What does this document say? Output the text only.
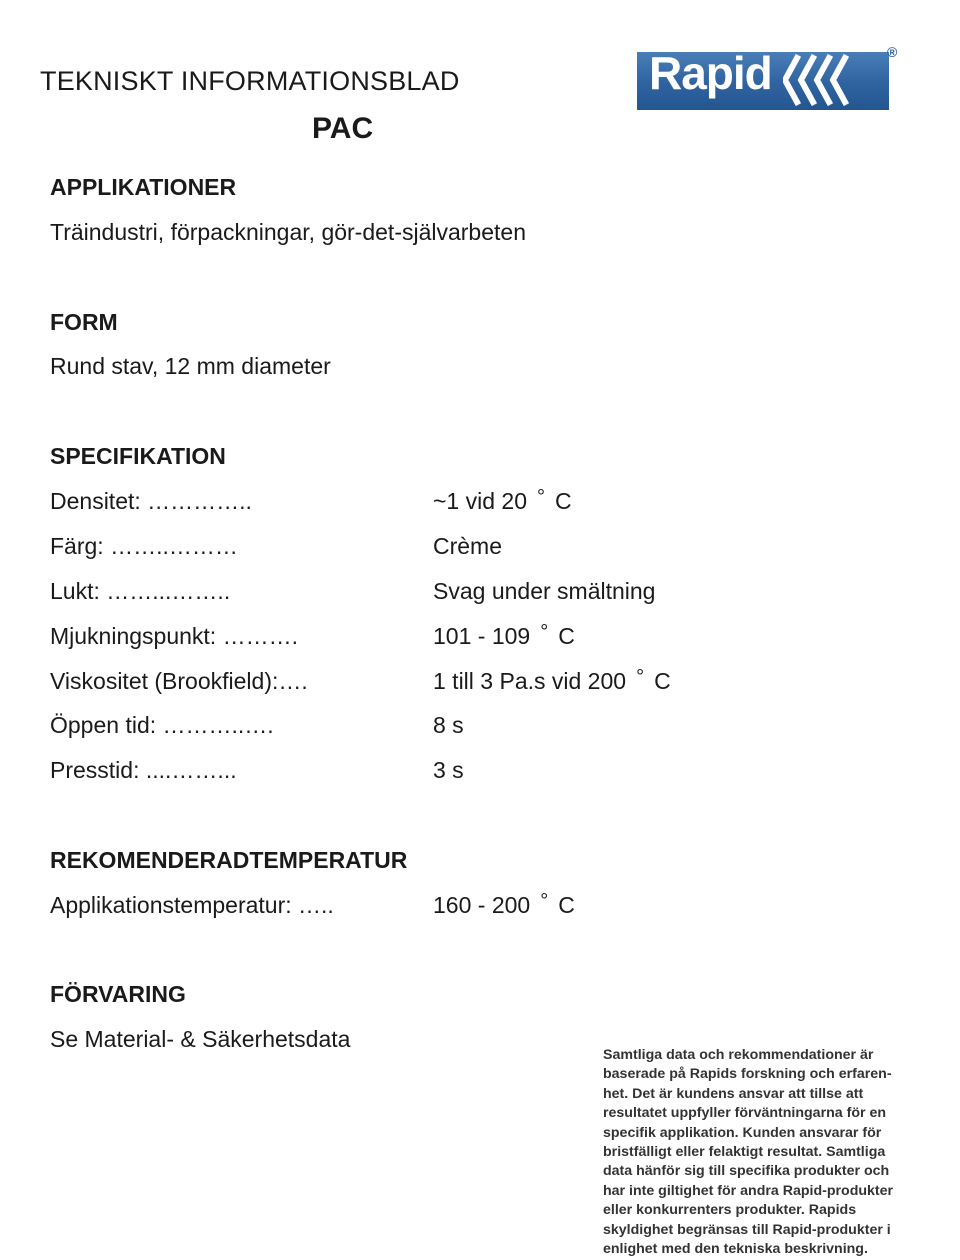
TEKNISKT INFORMATIONSBLAD
PAC
Rapid	®
APPLIKATIONER
Träindustri, förpackningar, gör-det-självarbeten
FORM
Rund stav, 12 mm diameter
SPECIFIKATION
Densitet: …………..	~1 vid 20 ° C
Färg: ……..………	Crème
Lukt: ……...……..	Svag under smältning
Mjukningspunkt: ……….	101 - 109 ° C
Viskositet (Brookfield):….	1 till 3 Pa.s vid 200 ° C
Öppen tid: ………..….	8 s
Presstid: ....……...	3 s
REKOMENDERADTEMPERATUR
Applikationstemperatur: …..	160 - 200 ° C
FÖRVARING
Se Material- & Säkerhetsdata
Samtliga data och rekommendationer är baserade på Rapids forskning och erfaren-het. Det är kundens ansvar att tillse att resultatet uppfyller förväntningarna för en specifik applikation. Kunden ansvarar för bristfälligt eller felaktigt resultat. Samtliga data hänför sig till specifika produkter och har inte giltighet för andra Rapid-produkter eller konkurrenters produkter. Rapids skyldighet begränsas till Rapid-produkter i enlighet med den tekniska beskrivning.
